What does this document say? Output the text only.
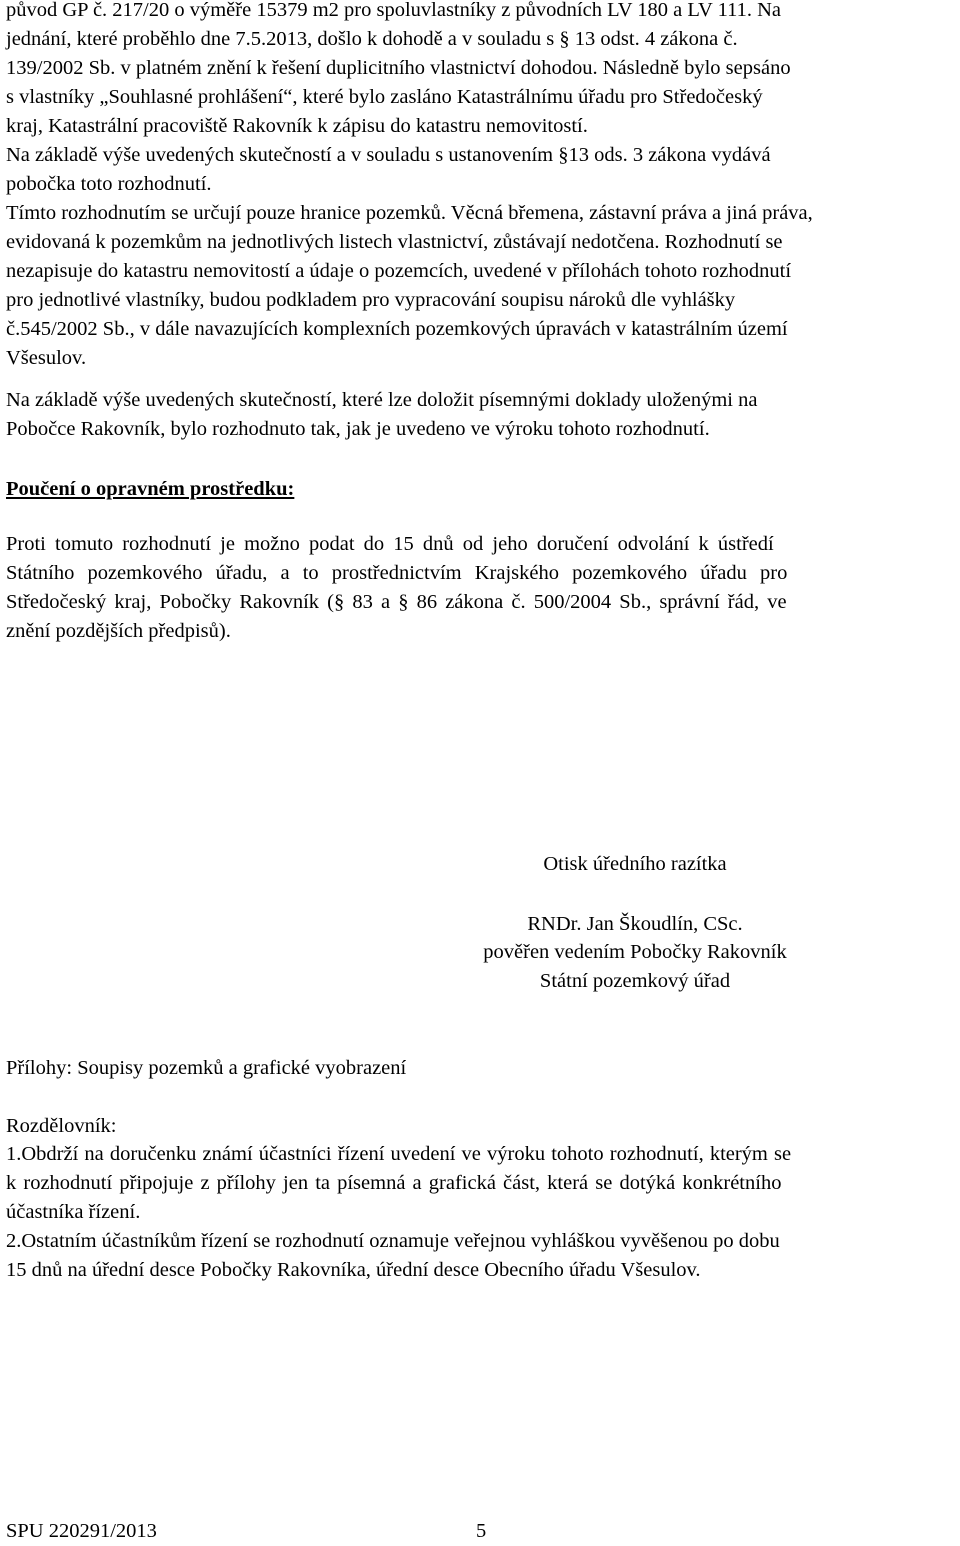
původ GP č. 217/20 o výměře 15379 m2 pro spoluvlastníky z původních LV 180 a LV 111. Na
jednání, které proběhlo dne 7.5.2013, došlo k dohodě a v souladu s § 13 odst. 4 zákona č.
139/2002 Sb. v platném znění k řešení duplicitního vlastnictví dohodou. Následně bylo sepsáno
s vlastníky „Souhlasné prohlášení“, které bylo zasláno Katastrálnímu úřadu pro Středočeský
kraj, Katastrální pracoviště Rakovník k zápisu do katastru nemovitostí.
Na základě výše uvedených skutečností a v souladu s ustanovením §13 ods. 3 zákona vydává
pobočka toto rozhodnutí.
Tímto rozhodnutím se určují pouze hranice pozemků. Věcná břemena, zástavní práva a jiná práva,
evidovaná k pozemkům na jednotlivých listech vlastnictví, zůstávají nedotčena. Rozhodnutí se
nezapisuje do katastru nemovitostí a údaje o pozemcích, uvedené v přílohách tohoto rozhodnutí
pro jednotlivé vlastníky, budou podkladem pro vypracování soupisu nároků dle vyhlášky
č.545/2002 Sb., v dále navazujících komplexních pozemkových úpravách v katastrálním území
Všesulov.
Na základě výše uvedených skutečností, které lze doložit písemnými doklady uloženými na
Pobočce Rakovník, bylo rozhodnuto tak, jak je uvedeno ve výroku tohoto rozhodnutí.
Poučení o opravném prostředku:
Proti tomuto rozhodnutí je možno podat do 15 dnů od jeho doručení odvolání k ústředí
Státního pozemkového úřadu, a to prostřednictvím Krajského pozemkového úřadu pro
Středočeský kraj, Pobočky Rakovník (§ 83 a § 86 zákona č. 500/2004 Sb., správní řád, ve
znění pozdějších předpisů).
Otisk úředního razítka
RNDr. Jan Škoudlín, CSc.
pověřen vedením Pobočky Rakovník
Státní pozemkový úřad
Přílohy: Soupisy pozemků a grafické vyobrazení
Rozdělovník:
1.Obdrží na doručenku známí účastníci řízení uvedení ve výroku tohoto rozhodnutí, kterým se
k rozhodnutí připojuje z přílohy jen ta písemná a grafická část, která se dotýká konkrétního
účastníka řízení.
2.Ostatním účastníkům řízení se rozhodnutí oznamuje veřejnou vyhláškou vyvěšenou po dobu
15 dnů na úřední desce Pobočky Rakovníka, úřední desce Obecního úřadu Všesulov.
SPU 220291/2013	5
